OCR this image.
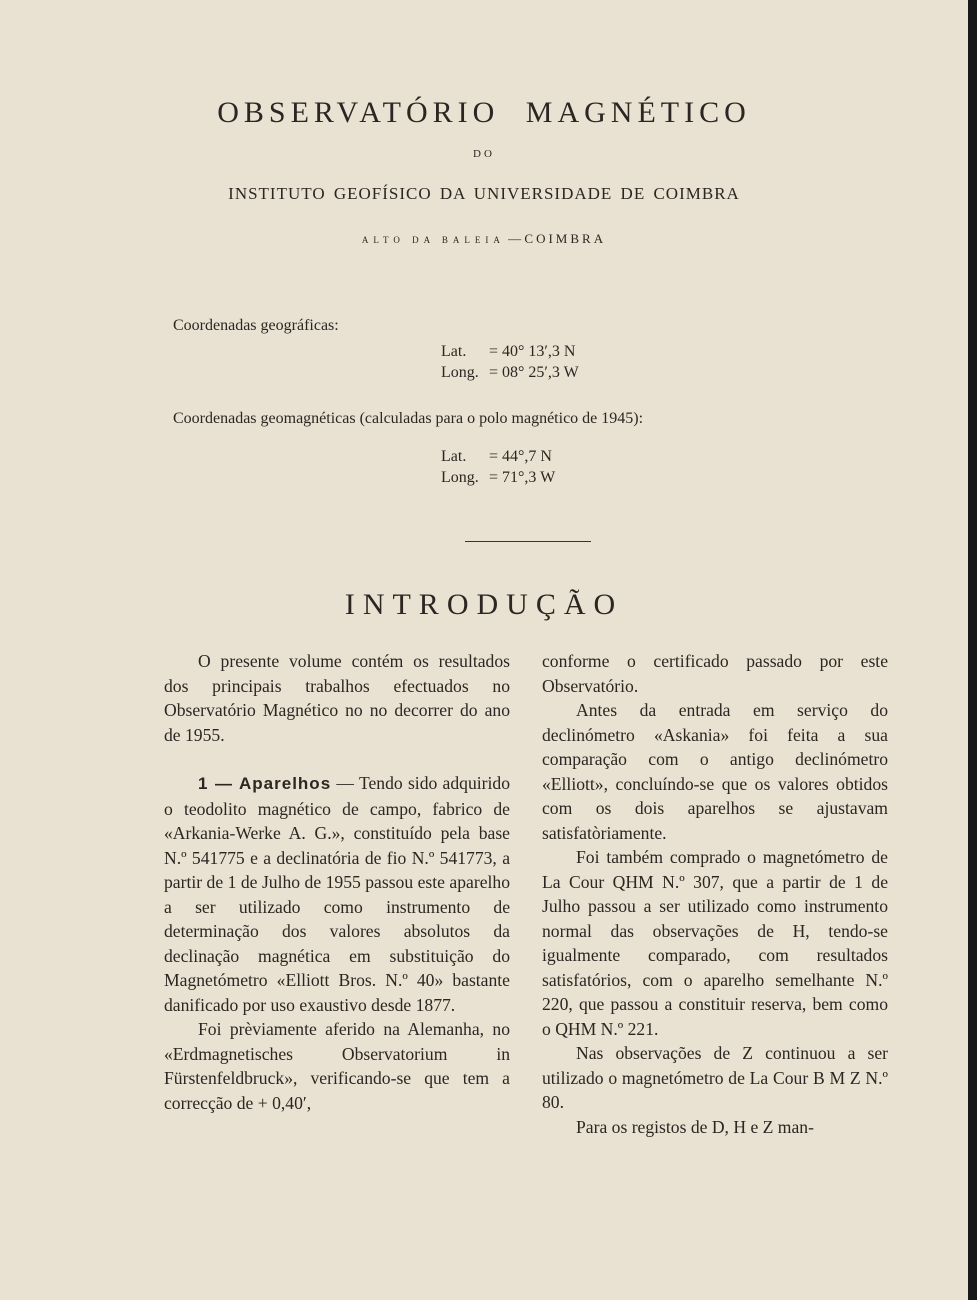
OBSERVATÓRIO MAGNÉTICO
DO
INSTITUTO GEOFÍSICO DA UNIVERSIDADE DE COIMBRA
ALTO DA BALEIA — COIMBRA
Coordenadas geográficas:
Lat. = 40° 13′,3 N
Long. = 08° 25′,3 W
Coordenadas geomagnéticas (calculadas para o polo magnético de 1945):
Lat. = 44°,7 N
Long. = 71°,3 W
INTRODUÇÃO

O presente volume contém os resultados dos principais trabalhos efectuados no Observatório Magnético no no decorrer do ano de 1955.

1 — Aparelhos — Tendo sido adquirido o teodolito magnético de campo, fabrico de «Arkania-Werke A. G.», constituído pela base N.º 541775 e a declinatória de fio N.º 541773, a partir de 1 de Julho de 1955 passou este aparelho a ser utilizado como instrumento de determinação dos valores absolutos da declinação magnética em substituição do Magnetómetro «Elliott Bros. N.º 40» bastante danificado por uso exaustivo desde 1877.

Foi prèviamente aferido na Alemanha, no «Erdmagnetisches Observatorium in Fürstenfeldbruck», verificando-se que tem a correcção de + 0,40′,

conforme o certificado passado por este Observatório.

Antes da entrada em serviço do declinómetro «Askania» foi feita a sua comparação com o antigo declinómetro «Elliott», concluíndo-se que os valores obtidos com os dois aparelhos se ajustavam satisfatòriamente.

Foi também comprado o magnetómetro de La Cour QHM N.º 307, que a partir de 1 de Julho passou a ser utilizado como instrumento normal das observações de H, tendo-se igualmente comparado, com resultados satisfatórios, com o aparelho semelhante N.º 220, que passou a constituir reserva, bem como o QHM N.º 221.

Nas observações de Z continuou a ser utilizado o magnetómetro de La Cour B M Z N.º 80.

Para os registos de D, H e Z man-
